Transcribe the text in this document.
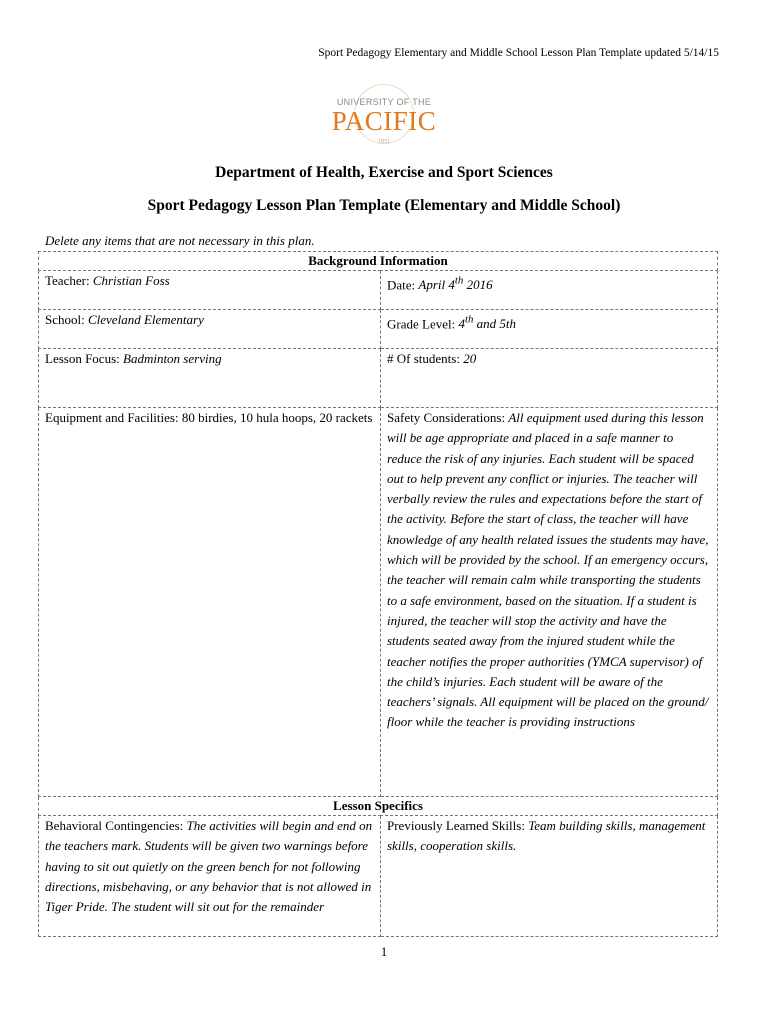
Sport Pedagogy Elementary and Middle School Lesson Plan Template updated 5/14/15
UNIVERSITY OF THE
PACIFIC
1851
Department of Health, Exercise and Sport Sciences
Sport Pedagogy Lesson Plan Template (Elementary and Middle School)
Delete any items that are not necessary in this plan.
Background Information	
Teacher: Christian Foss	Date: April 4th 2016
School: Cleveland Elementary	Grade Level: 4th and 5th
Lesson Focus: Badminton serving	# Of students: 20
Equipment and Facilities: 80 birdies, 10 hula hoops, 20 rackets	Safety Considerations: All equipment used during this lesson will be age appropriate and placed in a safe manner to reduce the risk of any injuries. Each student will be spaced out to help prevent any conflict or injuries. The teacher will verbally review the rules and expectations before the start of the activity. Before the start of class, the teacher will have knowledge of any health related issues the students may have, which will be provided by the school. If an emergency occurs, the teacher will remain calm while transporting the students to a safe environment, based on the situation. If a student is injured, the teacher will stop the activity and have the students seated away from the injured student while the teacher notifies the proper authorities (YMCA supervisor) of the child’s injuries. Each student will be aware of the teachers’ signals. All equipment will be placed on the ground/ floor while the teacher is providing instructions
Lesson Specifics	
Behavioral Contingencies: The activities will begin and end on the teachers mark. Students will be given two warnings before having to sit out quietly on the green bench for not following directions, misbehaving, or any behavior that is not allowed in Tiger Pride. The student will sit out for the remainder	Previously Learned Skills: Team building skills, management skills, cooperation skills.
1
